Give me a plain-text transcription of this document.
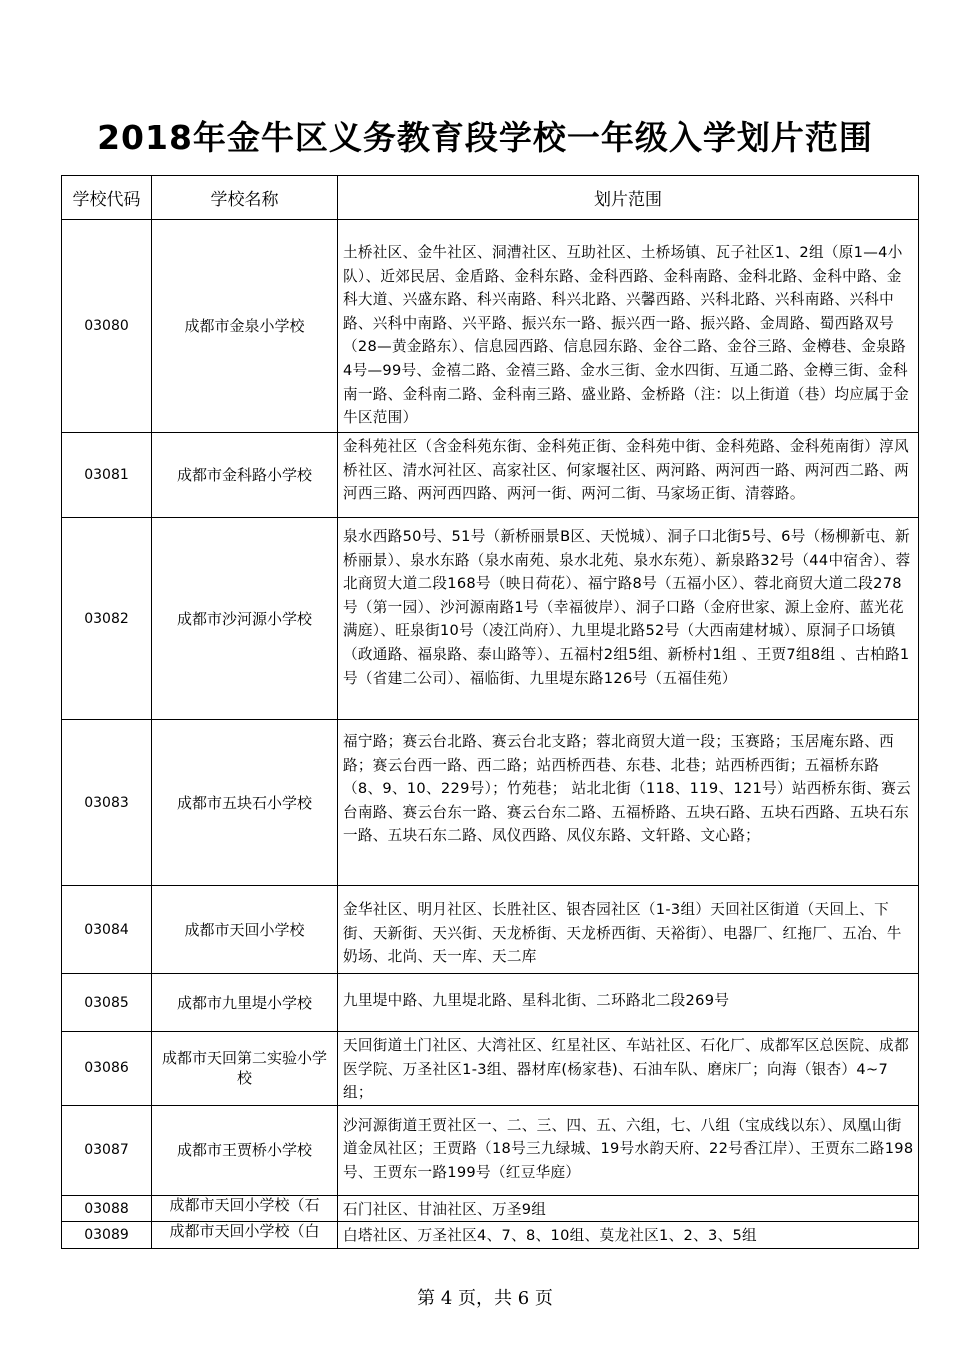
2018年金牛区义务教育段学校一年级入学划片范围
学校代码	学校名称	划片范围
03080	成都市金泉小学校	土桥社区、金牛社区、洞漕社区、互助社区、土桥场镇、瓦子社区1、2组（原1—4小队）、近郊民居、金盾路、金科东路、金科西路、金科南路、金科北路、金科中路、金科大道、兴盛东路、科兴南路、科兴北路、兴馨西路、兴科北路、兴科南路、兴科中路、兴科中南路、兴平路、振兴东一路、振兴西一路、振兴路、金周路、蜀西路双号（28—黄金路东）、信息园西路、信息园东路、金谷二路、金谷三路、金樽巷、金泉路4号—99号、金禧二路、金禧三路、金水三街、金水四街、互通二路、金樽三街、金科南一路、金科南二路、金科南三路、盛业路、金桥路（注：以上街道（巷）均应属于金牛区范围）
03081	成都市金科路小学校	金科苑社区（含金科苑东街、金科苑正街、金科苑中街、金科苑路、金科苑南街）淳风桥社区、清水河社区、高家社区、何家堰社区、两河路、两河西一路、两河西二路、两河西三路、两河西四路、两河一街、两河二街、马家场正街、清蓉路。
03082	成都市沙河源小学校	泉水西路50号、51号（新桥丽景B区、天悦城）、洞子口北街5号、6号（杨柳新屯、新桥丽景）、泉水东路（泉水南苑、泉水北苑、泉水东苑）、新泉路32号（44中宿舍）、蓉北商贸大道二段168号（映日荷花）、福宁路8号（五福小区）、蓉北商贸大道二段278号（第一园）、沙河源南路1号（幸福彼岸）、洞子口路（金府世家、源上金府、蓝光花满庭）、旺泉街10号（凌江尚府）、九里堤北路52号（大西南建材城）、原洞子口场镇（政通路、福泉路、泰山路等）、五福村2组5组、新桥村1组 、王贾7组8组 、古柏路1号（省建二公司）、福临街、九里堤东路126号（五福佳苑）
03083	成都市五块石小学校	福宁路；赛云台北路、赛云台北支路；蓉北商贸大道一段；玉赛路；玉居庵东路、西路；赛云台西一路、西二路；站西桥西巷、东巷、北巷；站西桥西街；五福桥东路（8、9、10、229号）；竹苑巷； 站北北街（118、119、121号）站西桥东街、赛云台南路、赛云台东一路、赛云台东二路、五福桥路、五块石路、五块石西路、五块石东一路、五块石东二路、凤仪西路、凤仪东路、文轩路、文心路；
03084	成都市天回小学校	金华社区、明月社区、长胜社区、银杏园社区（1-3组）天回社区街道（天回上、下街、天新街、天兴街、天龙桥街、天龙桥西街、天裕街）、电器厂、红拖厂、五冶、牛奶场、北尚、天一库、天二库
03085	成都市九里堤小学校	九里堤中路、九里堤北路、星科北街、二环路北二段269号
03086	成都市天回第二实验小学校	天回街道土门社区、大湾社区、红星社区、车站社区、石化厂、成都军区总医院、成都医学院、万圣社区1-3组、器材库(杨家巷)、石油车队、磨床厂；向海（银杏）4~7组；
03087	成都市王贾桥小学校	沙河源街道王贾社区一、二、三、四、五、六组，七、八组（宝成线以东）、凤凰山街道金凤社区；王贾路（18号三九绿城、19号水韵天府、22号香江岸）、王贾东二路198号、王贾东一路199号（红豆华庭）
03088	成都市天回小学校（石	石门社区、甘油社区、万圣9组
03089	成都市天回小学校（白	白塔社区、万圣社区4、7、8、10组、莫龙社区1、2、3、5组
第 4 页，共 6 页
